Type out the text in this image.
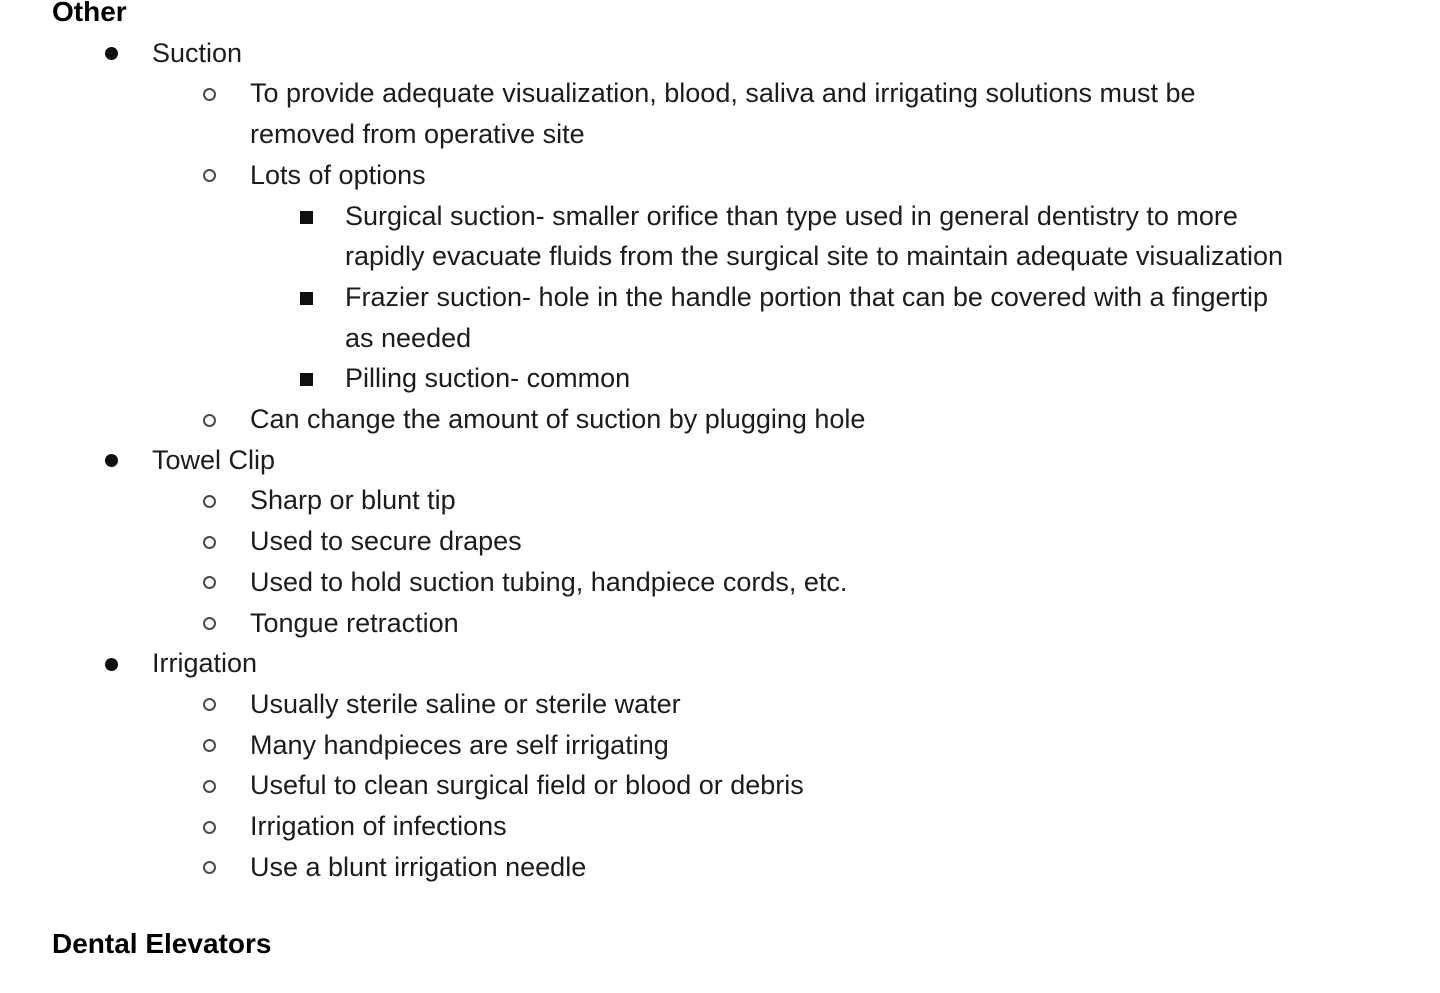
Other
Suction
To provide adequate visualization, blood, saliva and irrigating solutions must be removed from operative site
Lots of options
Surgical suction- smaller orifice than type used in general dentistry to more rapidly evacuate fluids from the surgical site to maintain adequate visualization
Frazier suction- hole in the handle portion that can be covered with a fingertip as needed
Pilling suction- common
Can change the amount of suction by plugging hole
Towel Clip
Sharp or blunt tip
Used to secure drapes
Used to hold suction tubing, handpiece cords, etc.
Tongue retraction
Irrigation
Usually sterile saline or sterile water
Many handpieces are self irrigating
Useful to clean surgical field or blood or debris
Irrigation of infections
Use a blunt irrigation needle
Dental Elevators
